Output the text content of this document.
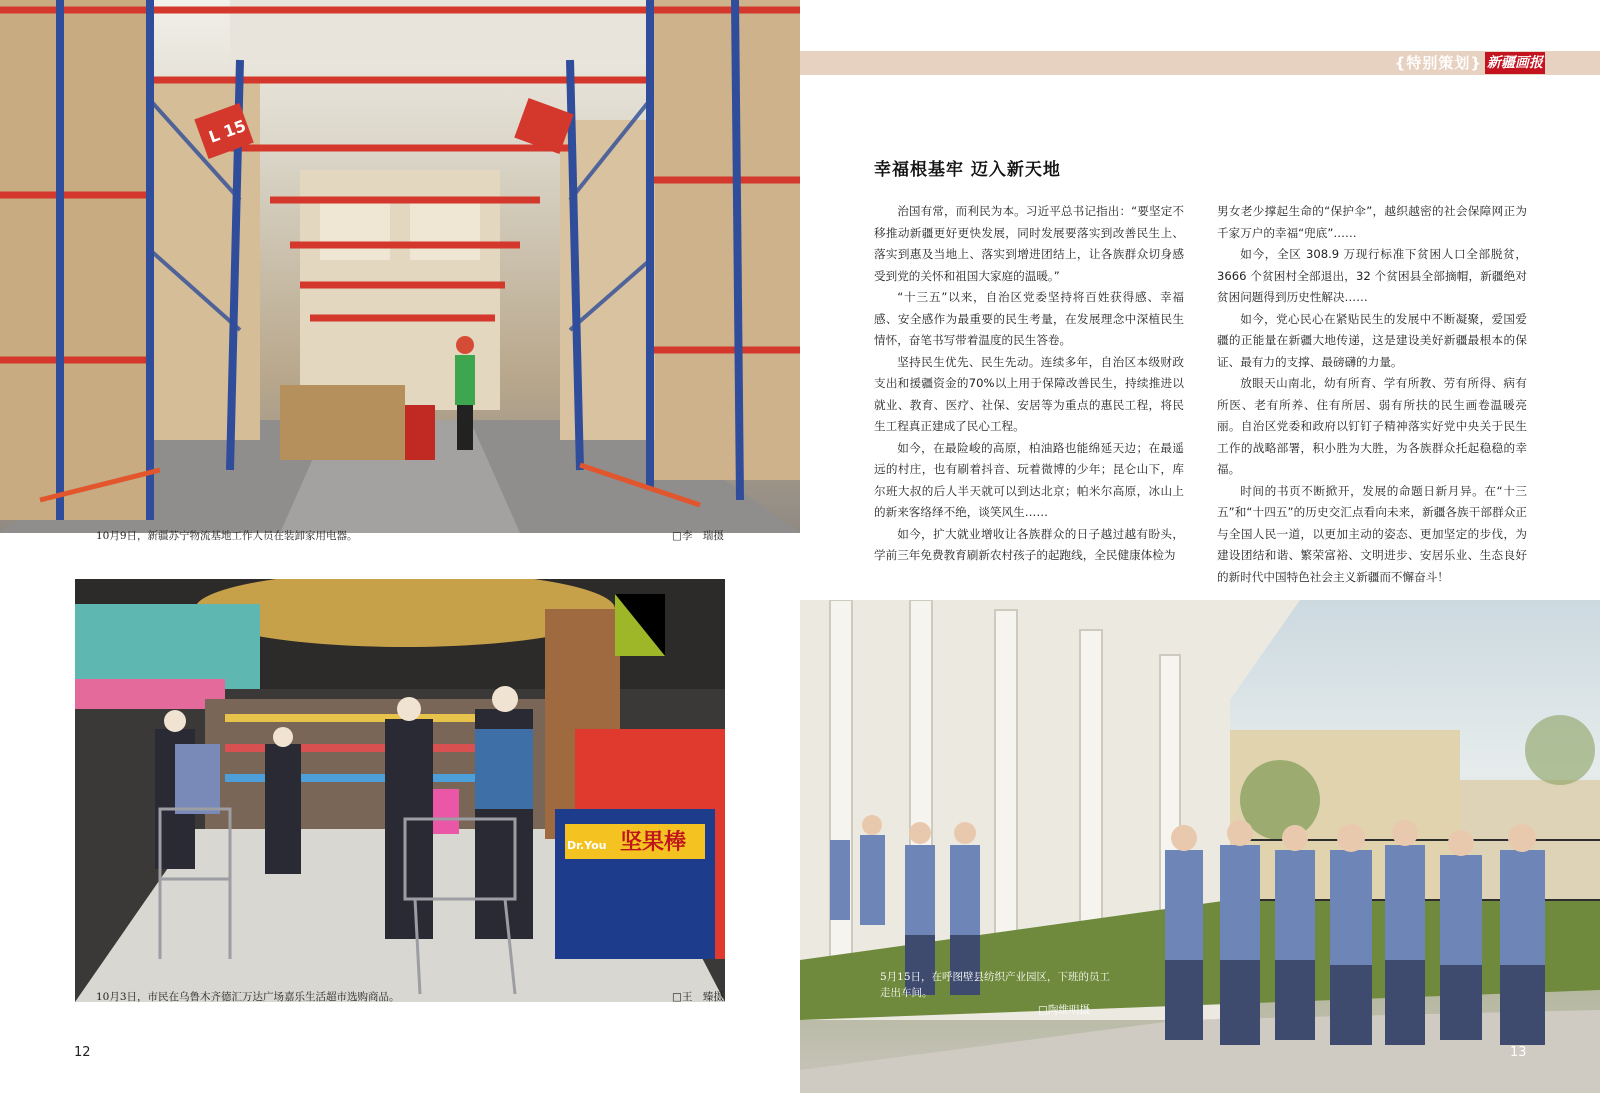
L 15
10月9日，新疆苏宁物流基地工作人员在装卸家用电器。	□李　瑞摄
坚果棒
Dr.You
10月3日，市民在乌鲁木齐德汇万达广场嘉乐生活超市选购商品。	□王　臻摄
12
{特别策划} 新疆画报
幸福根基牢 迈入新天地

治国有常，而利民为本。习近平总书记指出：“要坚定不移推动新疆更好更快发展，同时发展要落实到改善民生上、落实到惠及当地上、落实到增进团结上，让各族群众切身感受到党的关怀和祖国大家庭的温暖。”

“十三五”以来，自治区党委坚持将百姓获得感、幸福感、安全感作为最重要的民生考量，在发展理念中深植民生情怀，奋笔书写带着温度的民生答卷。

坚持民生优先、民生先动。连续多年，自治区本级财政支出和援疆资金的70%以上用于保障改善民生，持续推进以就业、教育、医疗、社保、安居等为重点的惠民工程，将民生工程真正建成了民心工程。

如今，在最险峻的高原，柏油路也能绵延天边；在最遥远的村庄，也有刷着抖音、玩着微博的少年；昆仑山下，库尔班大叔的后人半天就可以到达北京；帕米尔高原，冰山上的新来客络绎不绝，谈笑风生……

如今，扩大就业增收让各族群众的日子越过越有盼头，学前三年免费教育刷新农村孩子的起跑线，全民健康体检为

男女老少撑起生命的“保护伞”，越织越密的社会保障网正为千家万户的幸福“兜底”……

如今，全区 308.9 万现行标准下贫困人口全部脱贫，3666 个贫困村全部退出，32 个贫困县全部摘帽，新疆绝对贫困问题得到历史性解决……

如今，党心民心在紧贴民生的发展中不断凝聚，爱国爱疆的正能量在新疆大地传递，这是建设美好新疆最根本的保证、最有力的支撑、最磅礴的力量。

放眼天山南北，幼有所育、学有所教、劳有所得、病有所医、老有所养、住有所居、弱有所扶的民生画卷温暖亮丽。自治区党委和政府以钉钉子精神落实好党中央关于民生工作的战略部署，积小胜为大胜，为各族群众托起稳稳的幸福。

时间的书页不断掀开，发展的命题日新月异。在“十三五”和“十四五”的历史交汇点看向未来，新疆各族干部群众正与全国人民一道，以更加主动的姿态、更加坚定的步伐，为建设团结和谐、繁荣富裕、文明进步、安居乐业、生态良好的新时代中国特色社会主义新疆而不懈奋斗！

5月15日，在呼图壁县纺织产业园区，下班的员工走出车间。
□陶维明摄
13
